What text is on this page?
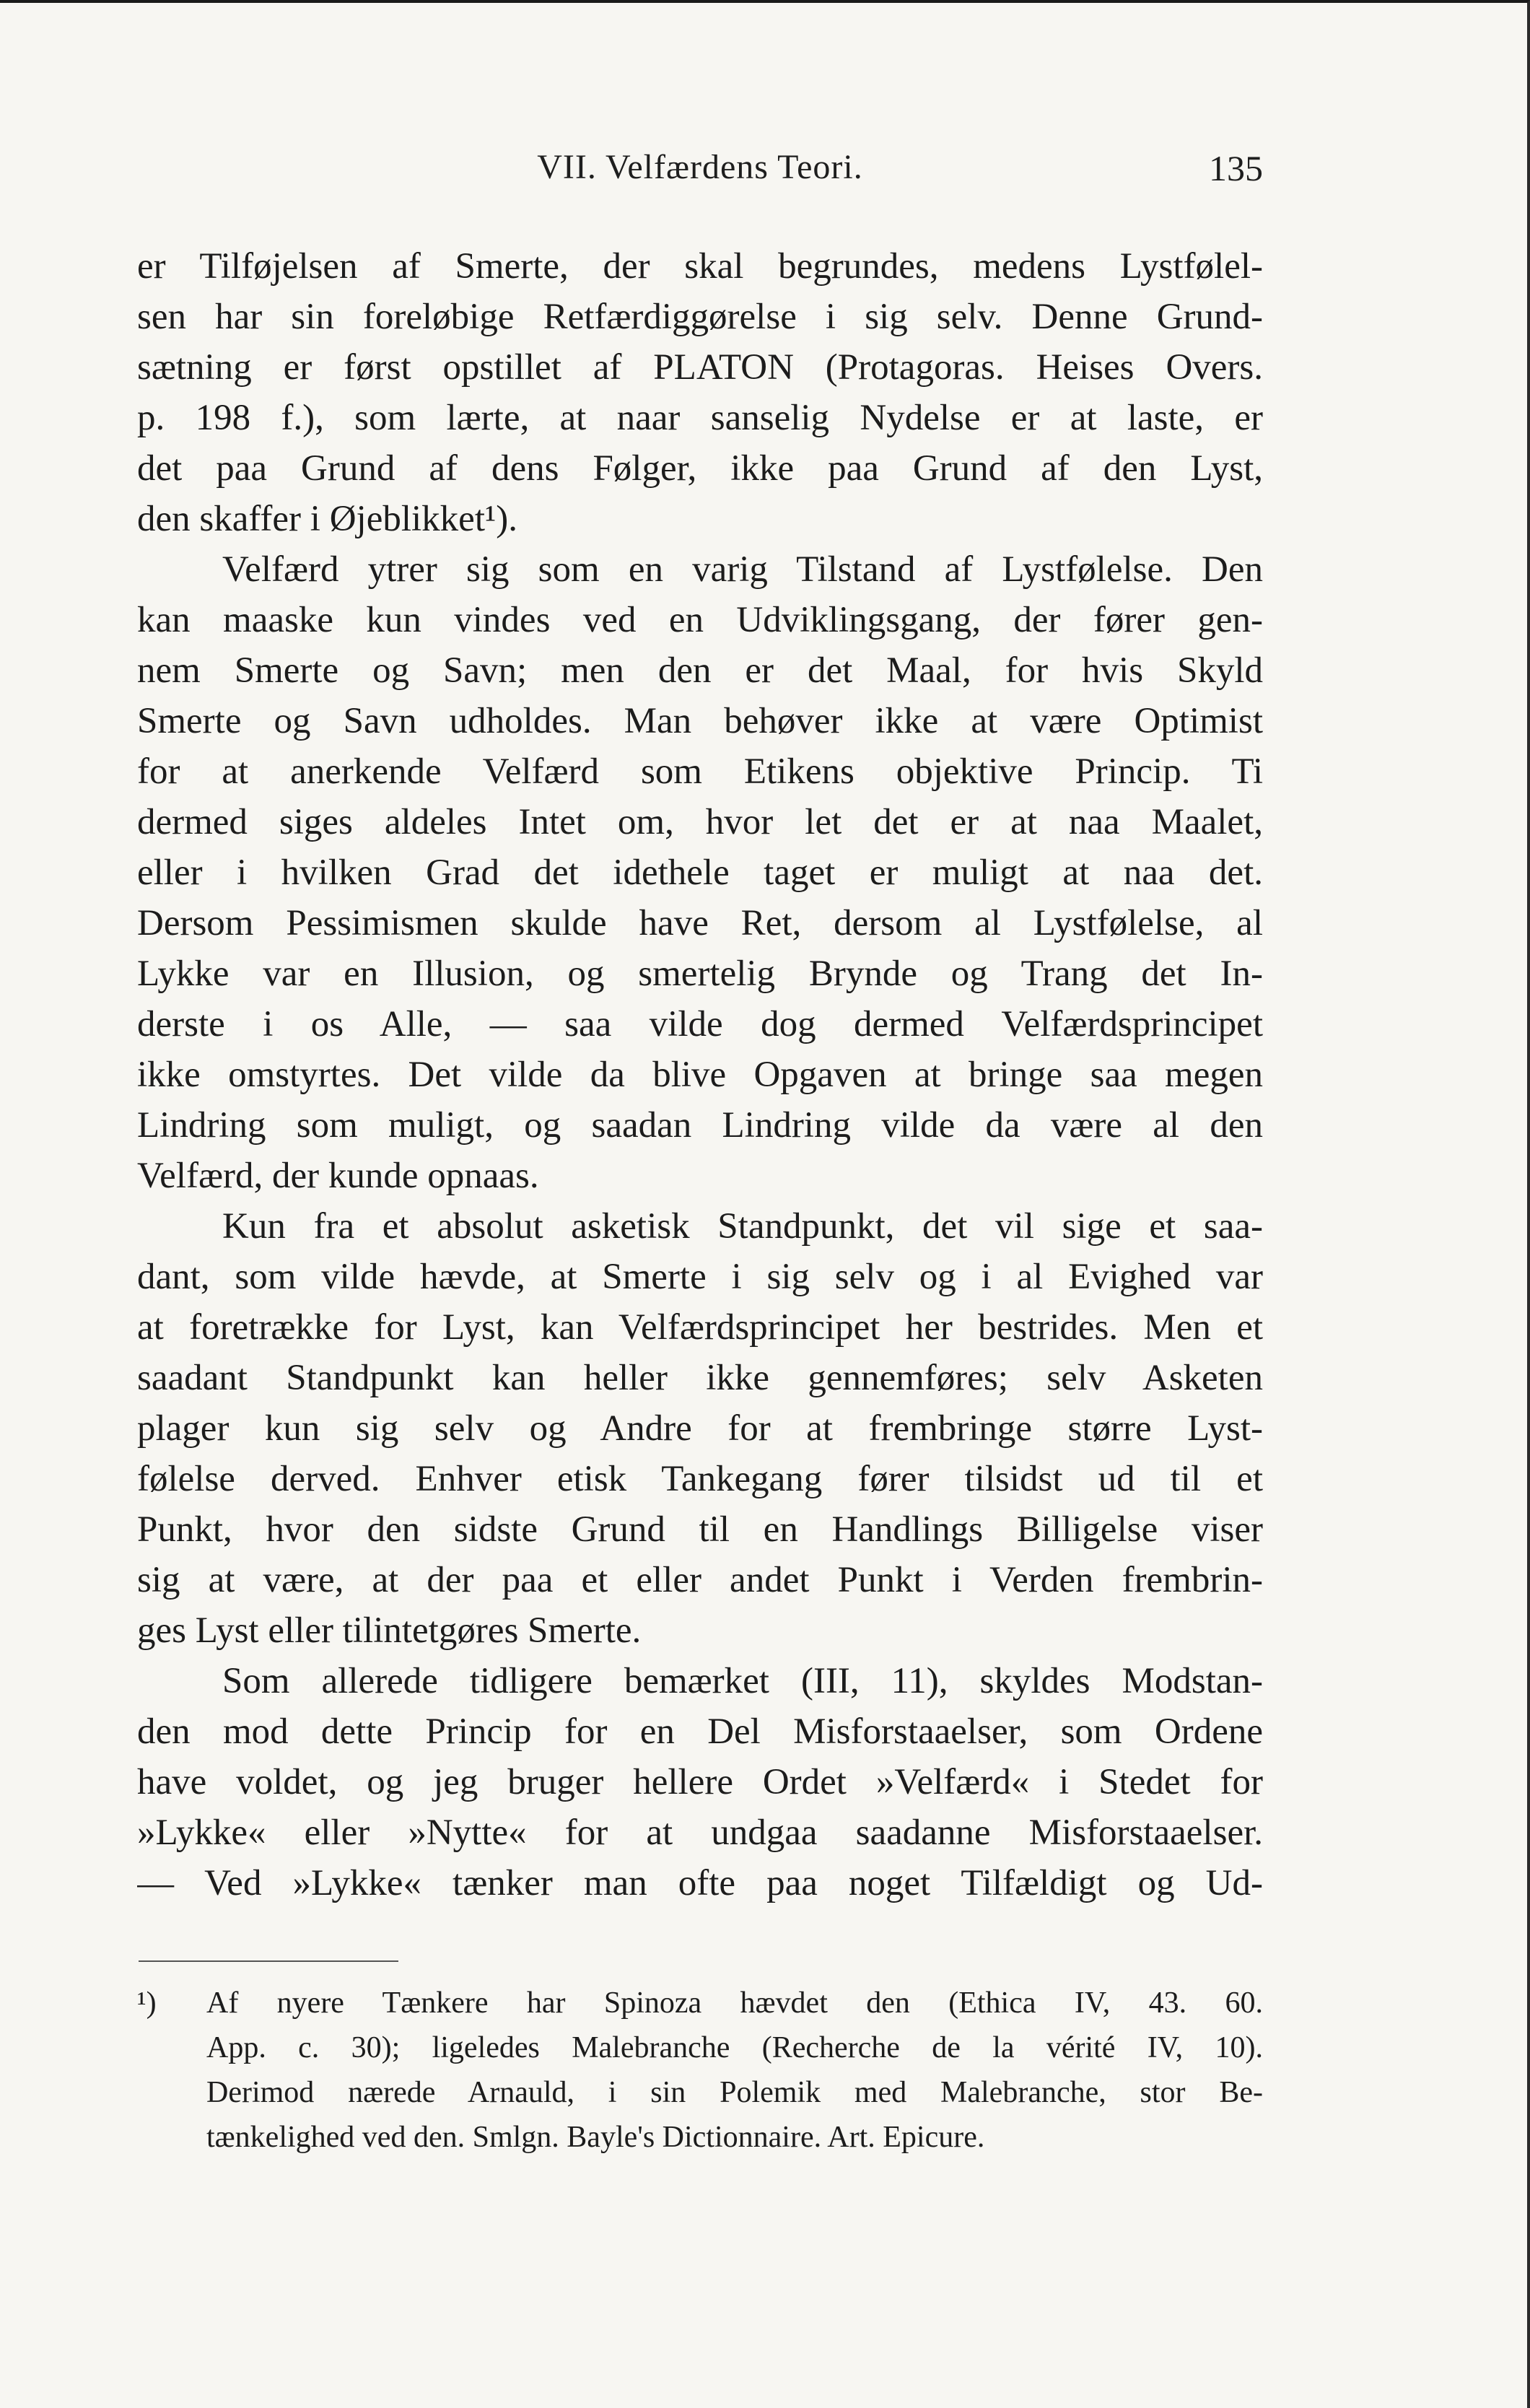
VII. Velfærdens Teori.	135
er Tilføjelsen af Smerte, der skal begrundes, medens Lystfølel-
sen har sin foreløbige Retfærdiggørelse i sig selv. Denne Grund-
sætning er først opstillet af PLATON (Protagoras. Heises Overs.
p. 198 f.), som lærte, at naar sanselig Nydelse er at laste, er
det paa Grund af dens Følger, ikke paa Grund af den Lyst,
den skaffer i Øjeblikket¹).
Velfærd ytrer sig som en varig Tilstand af Lystfølelse. Den
kan maaske kun vindes ved en Udviklingsgang, der fører gen-
nem Smerte og Savn; men den er det Maal, for hvis Skyld
Smerte og Savn udholdes. Man behøver ikke at være Optimist
for at anerkende Velfærd som Etikens objektive Princip. Ti
dermed siges aldeles Intet om, hvor let det er at naa Maalet,
eller i hvilken Grad det idethele taget er muligt at naa det.
Dersom Pessimismen skulde have Ret, dersom al Lystfølelse, al
Lykke var en Illusion, og smertelig Brynde og Trang det In-
derste i os Alle, — saa vilde dog dermed Velfærdsprincipet
ikke omstyrtes. Det vilde da blive Opgaven at bringe saa megen
Lindring som muligt, og saadan Lindring vilde da være al den
Velfærd, der kunde opnaas.
Kun fra et absolut asketisk Standpunkt, det vil sige et saa-
dant, som vilde hævde, at Smerte i sig selv og i al Evighed var
at foretrække for Lyst, kan Velfærdsprincipet her bestrides. Men et
saadant Standpunkt kan heller ikke gennemføres; selv Asketen
plager kun sig selv og Andre for at frembringe større Lyst-
følelse derved. Enhver etisk Tankegang fører tilsidst ud til et
Punkt, hvor den sidste Grund til en Handlings Billigelse viser
sig at være, at der paa et eller andet Punkt i Verden frembrin-
ges Lyst eller tilintetgøres Smerte.
Som allerede tidligere bemærket (III, 11), skyldes Modstan-
den mod dette Princip for en Del Misforstaaelser, som Ordene
have voldet, og jeg bruger hellere Ordet »Velfærd« i Stedet for
»Lykke« eller »Nytte« for at undgaa saadanne Misforstaaelser.
— Ved »Lykke« tænker man ofte paa noget Tilfældigt og Ud-
¹) Af nyere Tænkere har Spinoza hævdet den (Ethica IV, 43. 60.
App. c. 30); ligeledes Malebranche (Recherche de la vérité IV, 10).
Derimod nærede Arnauld, i sin Polemik med Malebranche, stor Be-
tænkelighed ved den. Smlgn. Bayle's Dictionnaire. Art. Epicure.
